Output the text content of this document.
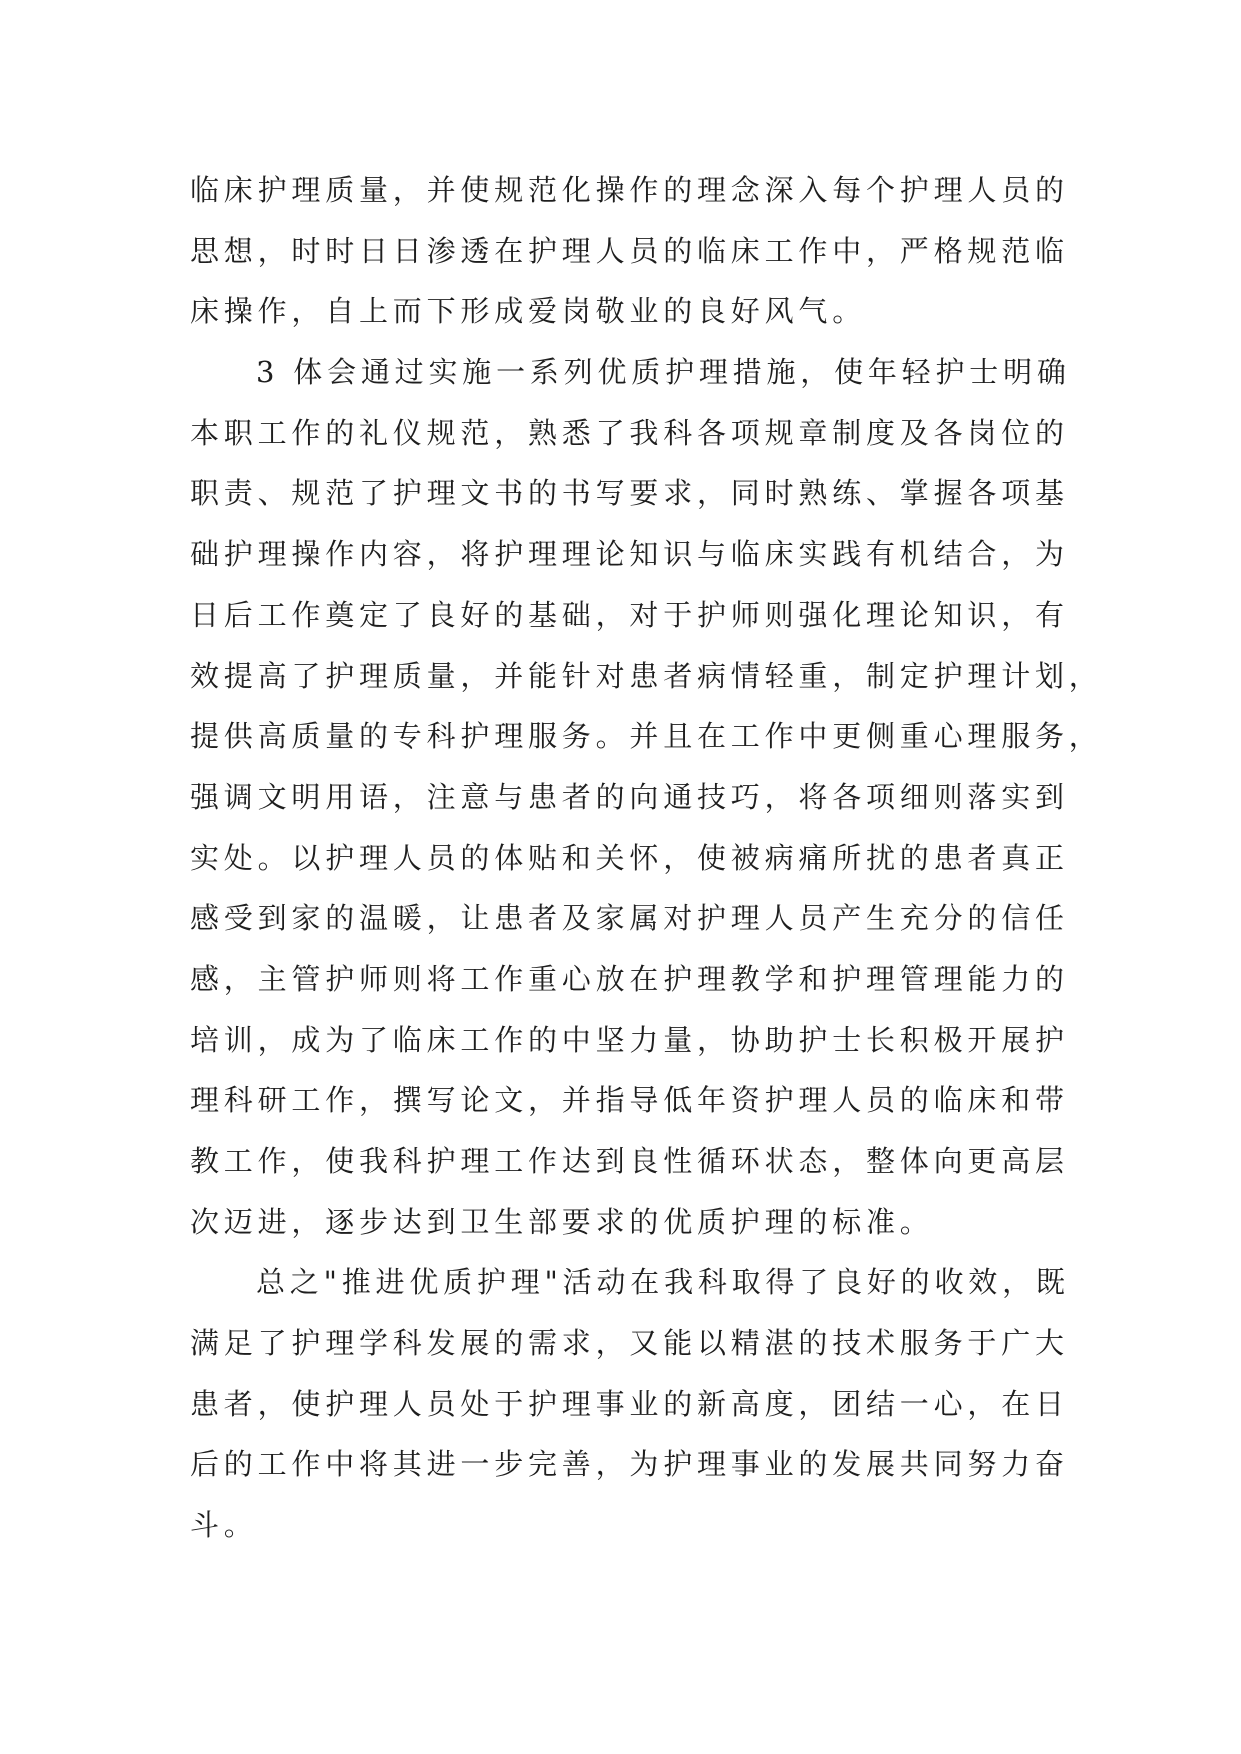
临床护理质量，并使规范化操作的理念深入每个护理人员的
思想，时时日日渗透在护理人员的临床工作中，严格规范临
床操作，自上而下形成爱岗敬业的良好风气。
3 体会通过实施一系列优质护理措施，使年轻护士明确
本职工作的礼仪规范，熟悉了我科各项规章制度及各岗位的
职责、规范了护理文书的书写要求，同时熟练、掌握各项基
础护理操作内容，将护理理论知识与临床实践有机结合，为
日后工作奠定了良好的基础，对于护师则强化理论知识，有
效提高了护理质量，并能针对患者病情轻重，制定护理计划，
提供高质量的专科护理服务。并且在工作中更侧重心理服务，
强调文明用语，注意与患者的向通技巧，将各项细则落实到
实处。以护理人员的体贴和关怀，使被病痛所扰的患者真正
感受到家的温暖，让患者及家属对护理人员产生充分的信任
感，主管护师则将工作重心放在护理教学和护理管理能力的
培训，成为了临床工作的中坚力量，协助护士长积极开展护
理科研工作，撰写论文，并指导低年资护理人员的临床和带
教工作，使我科护理工作达到良性循环状态，整体向更高层
次迈进，逐步达到卫生部要求的优质护理的标准。
总之"推进优质护理"活动在我科取得了良好的收效，既
满足了护理学科发展的需求，又能以精湛的技术服务于广大
患者，使护理人员处于护理事业的新高度，团结一心，在日
后的工作中将其进一步完善，为护理事业的发展共同努力奋
斗。
